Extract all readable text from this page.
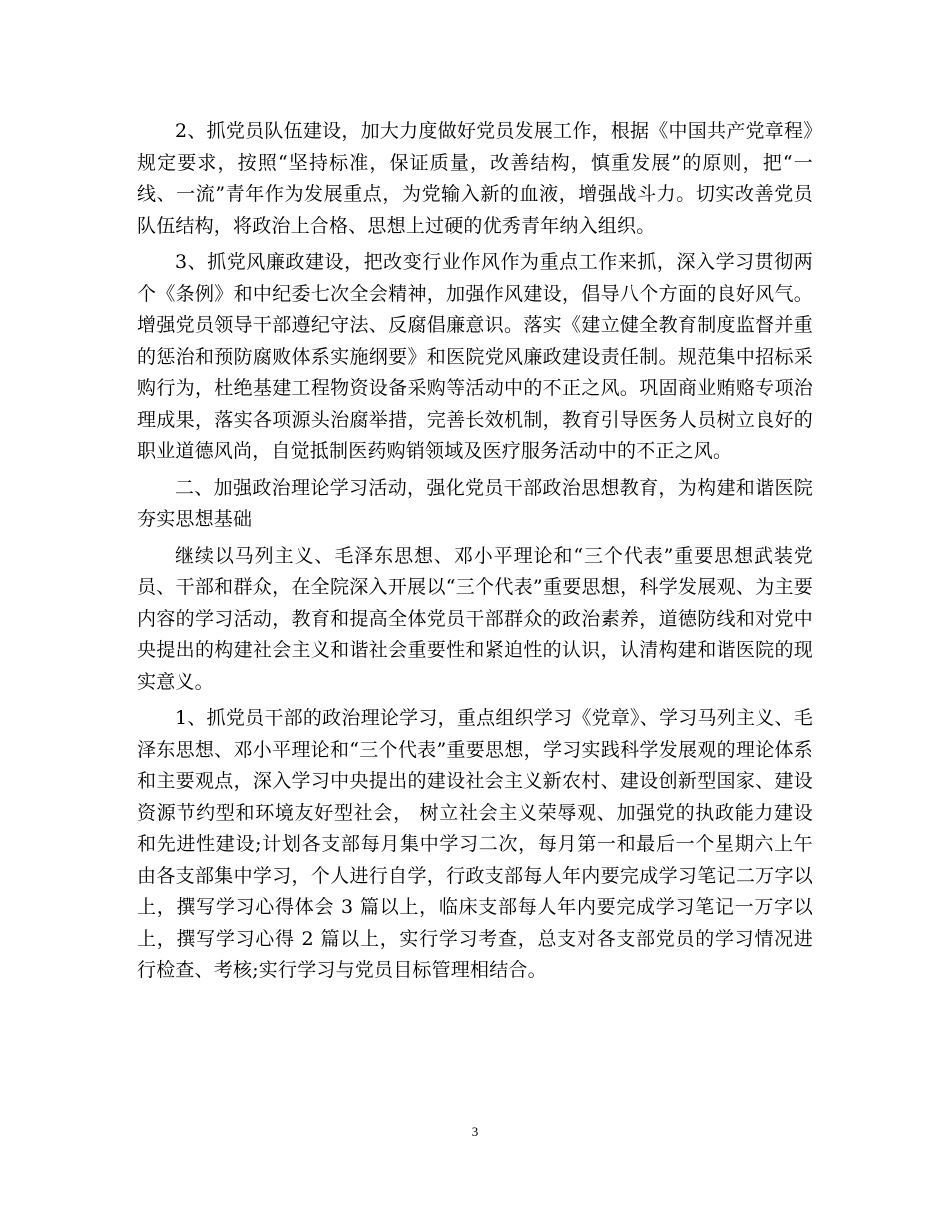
2、抓党员队伍建设，加大力度做好党员发展工作，根据《中国共产党章程》规定要求，按照“坚持标准，保证质量，改善结构，慎重发展”的原则，把“一线、一流”青年作为发展重点，为党输入新的血液，增强战斗力。切实改善党员队伍结构，将政治上合格、思想上过硬的优秀青年纳入组织。

3、抓党风廉政建设，把改变行业作风作为重点工作来抓，深入学习贯彻两个《条例》和中纪委七次全会精神，加强作风建设，倡导八个方面的良好风气。增强党员领导干部遵纪守法、反腐倡廉意识。落实《建立健全教育制度监督并重的惩治和预防腐败体系实施纲要》和医院党风廉政建设责任制。规范集中招标采购行为，杜绝基建工程物资设备采购等活动中的不正之风。巩固商业贿赂专项治理成果，落实各项源头治腐举措，完善长效机制，教育引导医务人员树立良好的职业道德风尚，自觉抵制医药购销领域及医疗服务活动中的不正之风。

二、加强政治理论学习活动，强化党员干部政治思想教育，为构建和谐医院夯实思想基础

继续以马列主义、毛泽东思想、邓小平理论和“三个代表”重要思想武装党员、干部和群众，在全院深入开展以“三个代表”重要思想，科学发展观、为主要内容的学习活动，教育和提高全体党员干部群众的政治素养，道德防线和对党中央提出的构建社会主义和谐社会重要性和紧迫性的认识，认清构建和谐医院的现实意义。

1、抓党员干部的政治理论学习，重点组织学习《党章》、学习马列主义、毛泽东思想、邓小平理论和“三个代表”重要思想，学习实践科学发展观的理论体系和主要观点，深入学习中央提出的建设社会主义新农村、建设创新型国家、建设资源节约型和环境友好型社会， 树立社会主义荣辱观、加强党的执政能力建设和先进性建设;计划各支部每月集中学习二次，每月第一和最后一个星期六上午由各支部集中学习，个人进行自学，行政支部每人年内要完成学习笔记二万字以上，撰写学习心得体会 3 篇以上，临床支部每人年内要完成学习笔记一万字以上，撰写学习心得 2 篇以上，实行学习考查，总支对各支部党员的学习情况进行检查、考核;实行学习与党员目标管理相结合。

3
